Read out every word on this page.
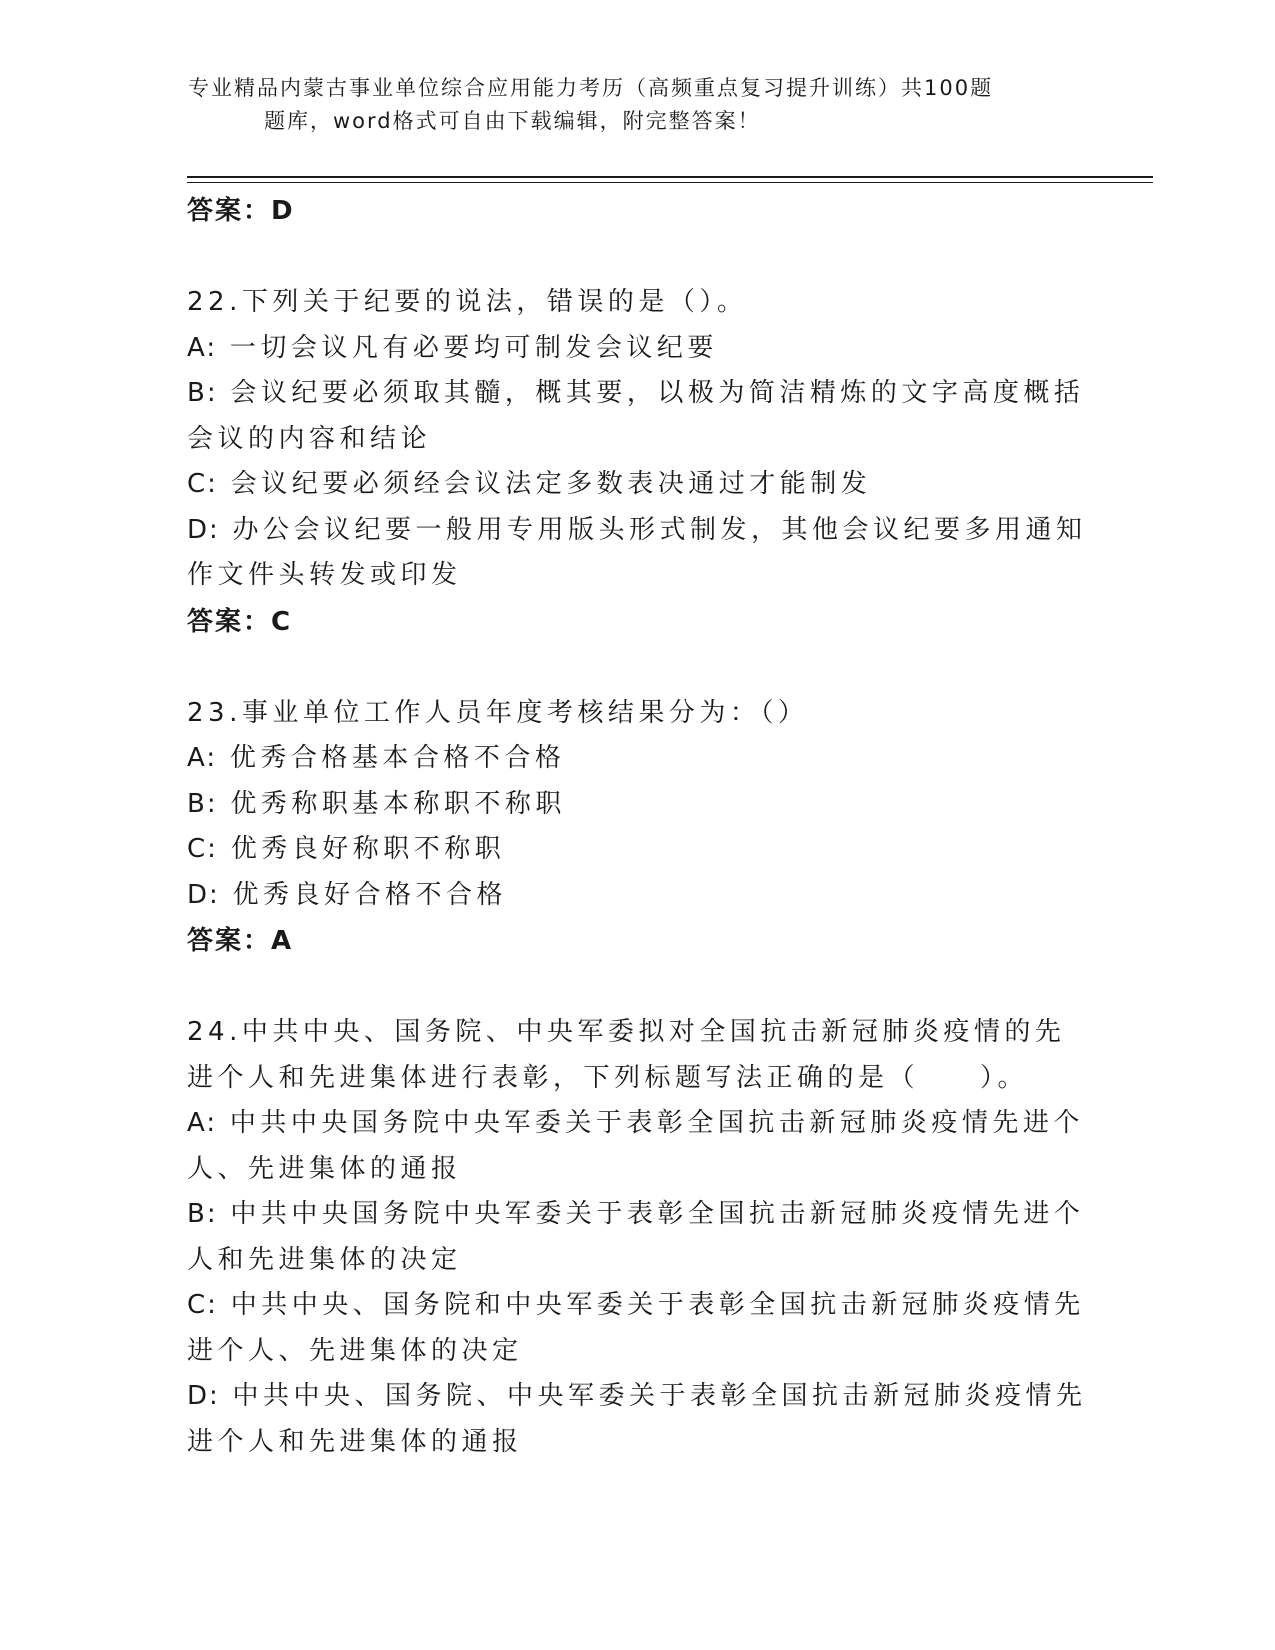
专业精品内蒙古事业单位综合应用能力考历（高频重点复习提升训练）共100题
题库，word格式可自由下载编辑，附完整答案！

答案：D

22.下列关于纪要的说法，错误的是（）。

A: 一切会议凡有必要均可制发会议纪要

B: 会议纪要必须取其髓，概其要，以极为简洁精炼的文字高度概括会议的内容和结论

C: 会议纪要必须经会议法定多数表决通过才能制发

D: 办公会议纪要一般用专用版头形式制发，其他会议纪要多用通知作文件头转发或印发

答案：C

23.事业单位工作人员年度考核结果分为：（）

A: 优秀合格基本合格不合格

B: 优秀称职基本称职不称职

C: 优秀良好称职不称职

D: 优秀良好合格不合格

答案：A

24.中共中央、国务院、中央军委拟对全国抗击新冠肺炎疫情的先进个人和先进集体进行表彰，下列标题写法正确的是（　　）。

A: 中共中央国务院中央军委关于表彰全国抗击新冠肺炎疫情先进个人、先进集体的通报

B: 中共中央国务院中央军委关于表彰全国抗击新冠肺炎疫情先进个人和先进集体的决定

C: 中共中央、国务院和中央军委关于表彰全国抗击新冠肺炎疫情先进个人、先进集体的决定

D: 中共中央、国务院、中央军委关于表彰全国抗击新冠肺炎疫情先进个人和先进集体的通报
